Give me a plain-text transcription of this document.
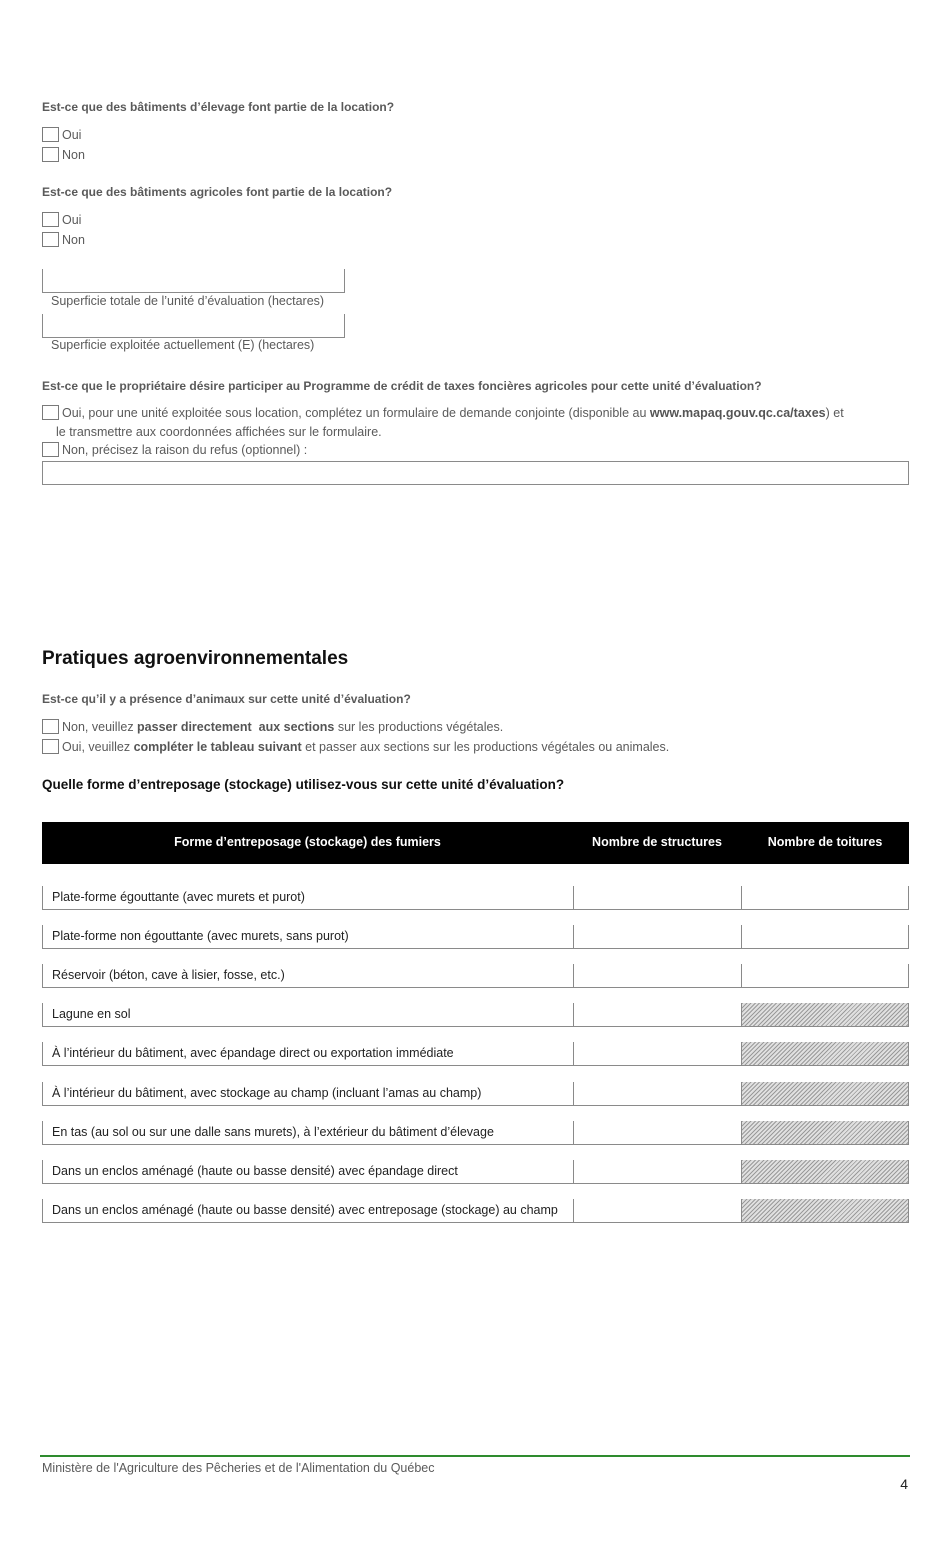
Est-ce que des bâtiments d’élevage font partie de la location?
Oui
Non
Est-ce que des bâtiments agricoles font partie de la location?
Oui
Non
Superficie totale de l’unité d’évaluation (hectares)
Superficie exploitée actuellement (E) (hectares)
Est-ce que le propriétaire désire participer au Programme de crédit de taxes foncières agricoles pour cette unité d’évaluation?
Oui, pour une unité exploitée sous location, complétez un formulaire de demande conjointe (disponible au www.mapaq.gouv.qc.ca/taxes) et
le transmettre aux coordonnées affichées sur le formulaire.
Non, précisez la raison du refus (optionnel) :
Pratiques agroenvironnementales
Est-ce qu’il y a présence d’animaux sur cette unité d’évaluation?
Non, veuillez passer directement  aux sections sur les productions végétales.
Oui, veuillez compléter le tableau suivant et passer aux sections sur les productions végétales ou animales.
Quelle forme d’entreposage (stockage) utilisez-vous sur cette unité d’évaluation?
Forme d’entreposage (stockage) des fumiers	Nombre de structures	Nombre de toitures
Plate-forme égouttante (avec murets et purot)
Plate-forme non égouttante (avec murets, sans purot)
Réservoir (béton, cave à lisier, fosse, etc.)
Lagune en sol
À l’intérieur du bâtiment, avec épandage direct ou exportation immédiate
À l’intérieur du bâtiment, avec stockage au champ (incluant l’amas au champ)
En tas (au sol ou sur une dalle sans murets), à l’extérieur du bâtiment d’élevage
Dans un enclos aménagé (haute ou basse densité) avec épandage direct
Dans un enclos aménagé (haute ou basse densité) avec entreposage (stockage) au champ
Ministère de l'Agriculture des Pêcheries et de l'Alimentation du Québec
4
